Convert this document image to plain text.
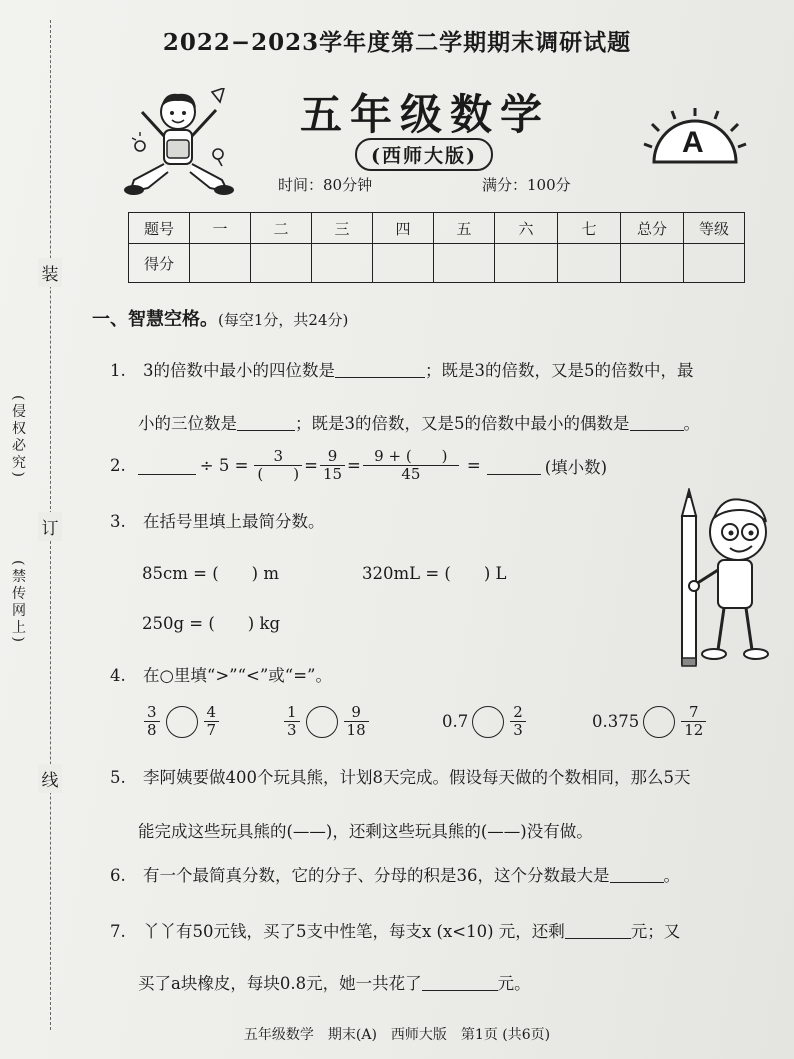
装
订
线
(侵权必究)
(禁传网上)
2022−2023学年度第二学期期末调研试题
五年级数学
(西师大版)	A
时间：80分钟	满分：100分
题号	一	二	三	四	五	六	七	总分	等级
得分									
一、智慧空格。(每空1分，共24分)
1. 3的倍数中最小的四位数是	；既是3的倍数，又是5的倍数中，最
小的三位数是	；既是3的倍数，又是5的倍数中最小的偶数是	。
2.	÷ $5 = \frac{3}{( )} = \frac{9}{15} = \frac{9 + ( )}{45}$ =	(填小数)
3. 在括号里填上最简分数。
85cm = (　　) m	320mL = (　　) L
250g = (　　) kg
4. 在○里填“>”“<”或“=”。
$\frac{3}{8}$	$\frac{4}{7}$	$\frac{1}{3}$	$\frac{9}{18}$	0.7	$\frac{2}{3}$	0.375	$\frac{7}{12}$
5. 李阿姨要做400个玩具熊，计划8天完成。假设每天做的个数相同，那么5天
能完成这些玩具熊的(——)，还剩这些玩具熊的(——)没有做。
6. 有一个最简真分数，它的分子、分母的积是36，这个分数最大是	。
7. 丫丫有50元钱，买了5支中性笔，每支x (x<10) 元，还剩	元；又
买了a块橡皮，每块0.8元，她一共花了	元。
五年级数学　期末(A)　西师大版　第1页 (共6页)
